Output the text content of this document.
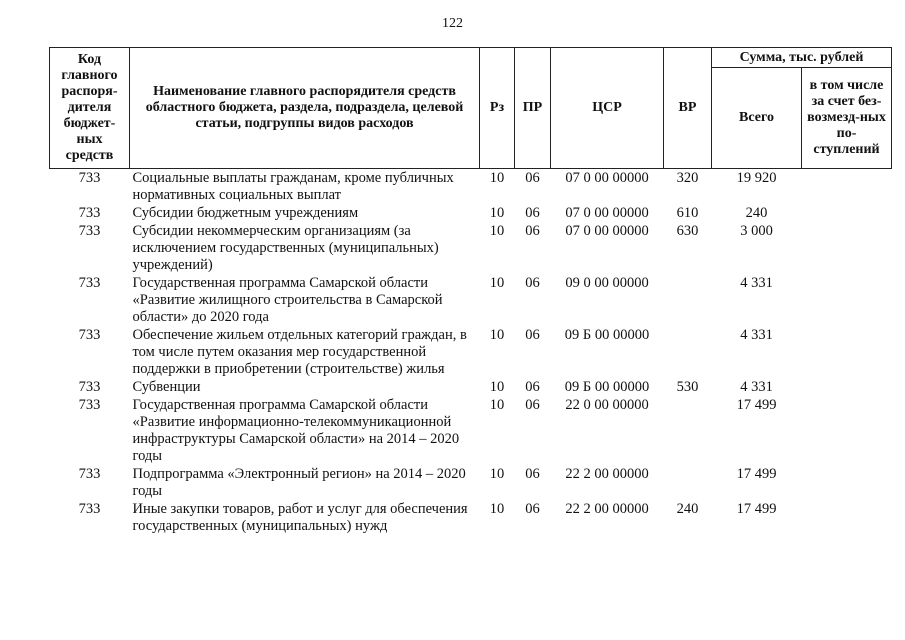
122
Код главного распоря-дителя бюджет-ных средств	Наименование главного распорядителя средств областного бюджета, раздела, подраздела, целевой статьи, подгруппы видов расходов	Рз	ПР	ЦСР	ВР	Сумма, тыс. рублей	
						Всего	в том числе за счет без-возмезд-ных по-ступлений
733	Социальные выплаты гражданам, кроме публичных нормативных социальных выплат	10	06	07 0 00 00000	320	19 920	
733	Субсидии бюджетным учреждениям	10	06	07 0 00 00000	610	240	
733	Субсидии некоммерческим организациям (за исключением государственных (муниципальных) учреждений)	10	06	07 0 00 00000	630	3 000	
733	Государственная программа Самарской области «Развитие жилищного строительства в Самарской области» до 2020 года	10	06	09 0 00 00000		4 331	
733	Обеспечение жильем отдельных категорий граждан, в том числе путем оказания мер государственной поддержки в приобретении (строительстве) жилья	10	06	09 Б 00 00000		4 331	
733	Субвенции	10	06	09 Б 00 00000	530	4 331	
733	Государственная программа Самарской области «Развитие информационно-телекоммуникационной инфраструктуры Самарской области» на 2014 – 2020 годы	10	06	22 0 00 00000		17 499	
733	Подпрограмма «Электронный регион» на 2014 – 2020 годы	10	06	22 2 00 00000		17 499	
733	Иные закупки товаров, работ и услуг для обеспечения государственных (муниципальных) нужд	10	06	22 2 00 00000	240	17 499	
